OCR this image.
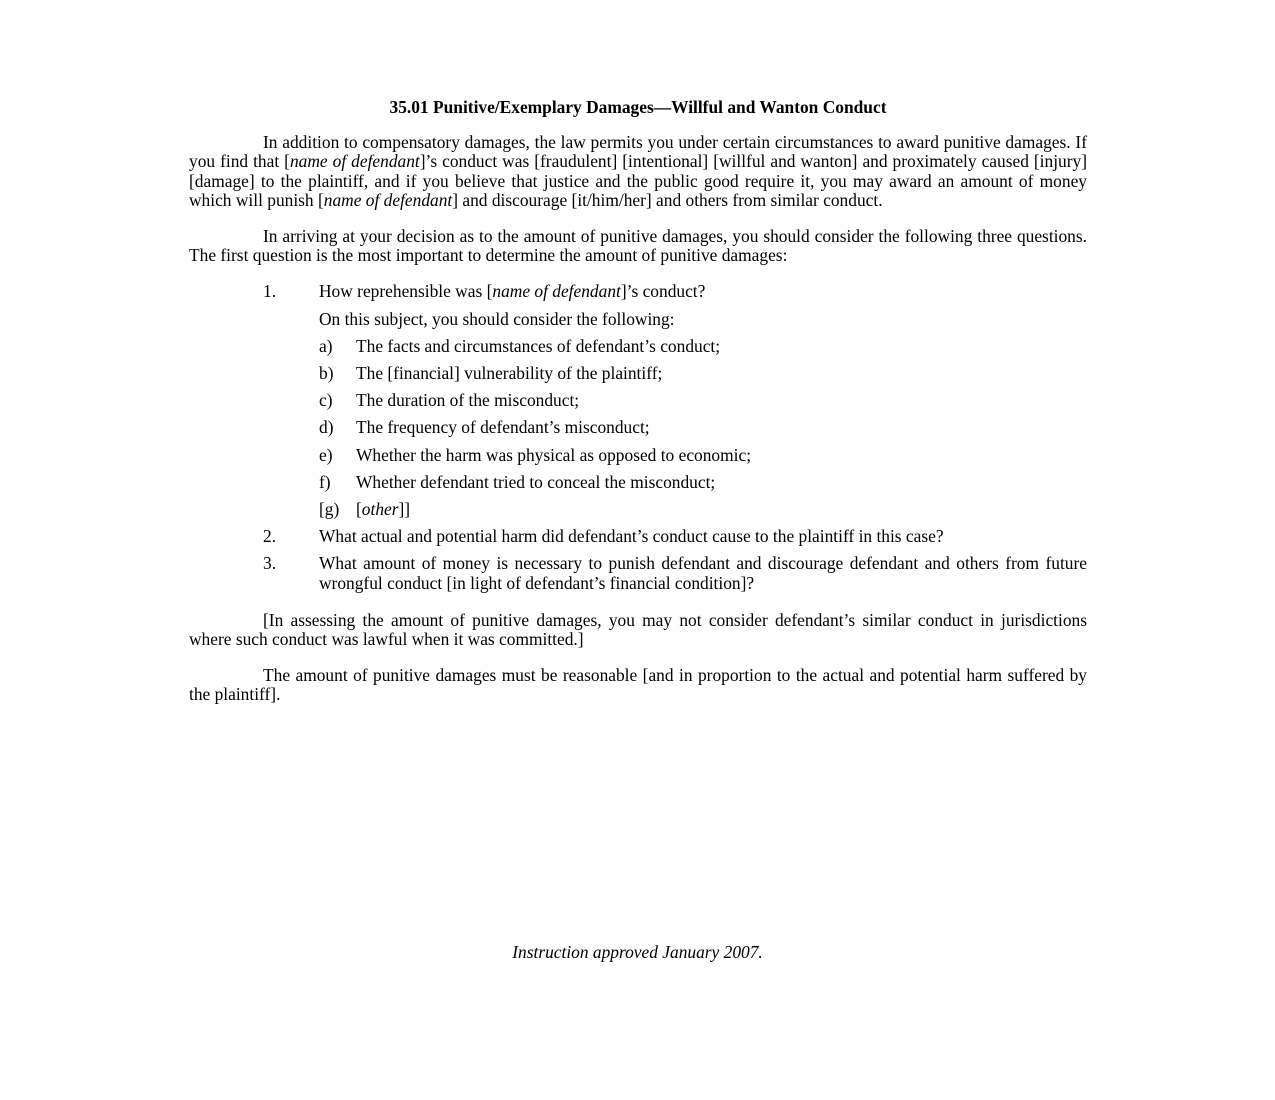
35.01 Punitive/Exemplary Damages—Willful and Wanton Conduct

In addition to compensatory damages, the law permits you under certain circumstances to award punitive damages. If you find that [name of defendant]’s conduct was [fraudulent] [intentional] [willful and wanton] and proximately caused [injury] [damage] to the plaintiff, and if you believe that justice and the public good require it, you may award an amount of money which will punish [name of defendant] and discourage [it/him/her] and others from similar conduct.

In arriving at your decision as to the amount of punitive damages, you should consider the following three questions. The first question is the most important to determine the amount of punitive damages:

1. How reprehensible was [name of defendant]’s conduct?
On this subject, you should consider the following:
a) The facts and circumstances of defendant’s conduct;
b) The [financial] vulnerability of the plaintiff;
c) The duration of the misconduct;
d) The frequency of defendant’s misconduct;
e) Whether the harm was physical as opposed to economic;
f) Whether defendant tried to conceal the misconduct;
[g) [other]]
2. What actual and potential harm did defendant’s conduct cause to the plaintiff in this case?
3. What amount of money is necessary to punish defendant and discourage defendant and others from future wrongful conduct [in light of defendant’s financial condition]?

[In assessing the amount of punitive damages, you may not consider defendant’s similar conduct in jurisdictions where such conduct was lawful when it was committed.]

The amount of punitive damages must be reasonable [and in proportion to the actual and potential harm suffered by the plaintiff].

Instruction approved January 2007.
